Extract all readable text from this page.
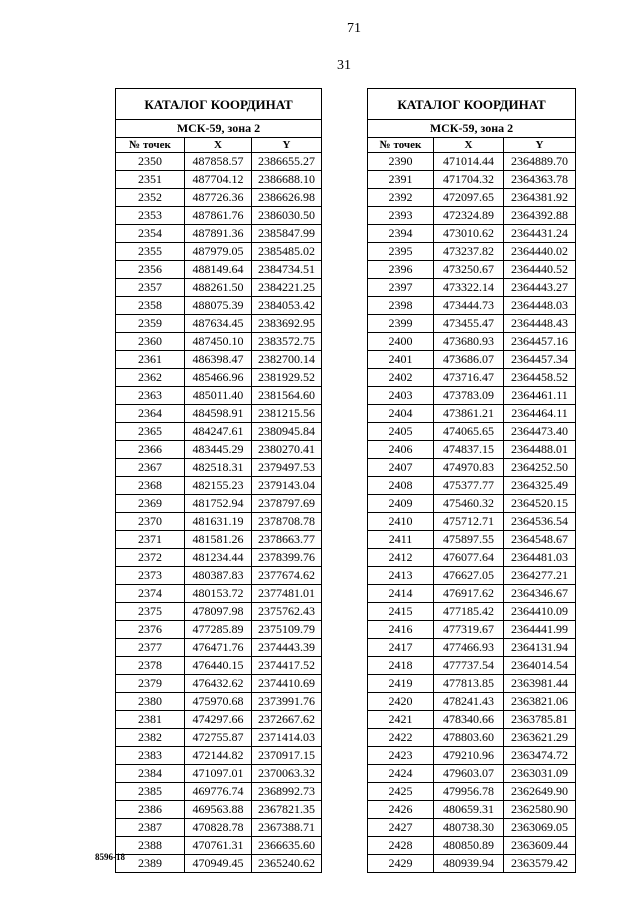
71
31
КАТАЛОГ КООРДИНАТ		
МСК-59, зона 2		
№ точек	X	Y
2350	487858.57	2386655.27
2351	487704.12	2386688.10
2352	487726.36	2386626.98
2353	487861.76	2386030.50
2354	487891.36	2385847.99
2355	487979.05	2385485.02
2356	488149.64	2384734.51
2357	488261.50	2384221.25
2358	488075.39	2384053.42
2359	487634.45	2383692.95
2360	487450.10	2383572.75
2361	486398.47	2382700.14
2362	485466.96	2381929.52
2363	485011.40	2381564.60
2364	484598.91	2381215.56
2365	484247.61	2380945.84
2366	483445.29	2380270.41
2367	482518.31	2379497.53
2368	482155.23	2379143.04
2369	481752.94	2378797.69
2370	481631.19	2378708.78
2371	481581.26	2378663.77
2372	481234.44	2378399.76
2373	480387.83	2377674.62
2374	480153.72	2377481.01
2375	478097.98	2375762.43
2376	477285.89	2375109.79
2377	476471.76	2374443.39
2378	476440.15	2374417.52
2379	476432.62	2374410.69
2380	475970.68	2373991.76
2381	474297.66	2372667.62
2382	472755.87	2371414.03
2383	472144.82	2370917.15
2384	471097.01	2370063.32
2385	469776.74	2368992.73
2386	469563.88	2367821.35
2387	470828.78	2367388.71
2388	470761.31	2366635.60
2389	470949.45	2365240.62
КАТАЛОГ КООРДИНАТ		
МСК-59, зона 2		
№ точек	X	Y
2390	471014.44	2364889.70
2391	471704.32	2364363.78
2392	472097.65	2364381.92
2393	472324.89	2364392.88
2394	473010.62	2364431.24
2395	473237.82	2364440.02
2396	473250.67	2364440.52
2397	473322.14	2364443.27
2398	473444.73	2364448.03
2399	473455.47	2364448.43
2400	473680.93	2364457.16
2401	473686.07	2364457.34
2402	473716.47	2364458.52
2403	473783.09	2364461.11
2404	473861.21	2364464.11
2405	474065.65	2364473.40
2406	474837.15	2364488.01
2407	474970.83	2364252.50
2408	475377.77	2364325.49
2409	475460.32	2364520.15
2410	475712.71	2364536.54
2411	475897.55	2364548.67
2412	476077.64	2364481.03
2413	476627.05	2364277.21
2414	476917.62	2364346.67
2415	477185.42	2364410.09
2416	477319.67	2364441.99
2417	477466.93	2364131.94
2418	477737.54	2364014.54
2419	477813.85	2363981.44
2420	478241.43	2363821.06
2421	478340.66	2363785.81
2422	478803.60	2363621.29
2423	479210.96	2363474.72
2424	479603.07	2363031.09
2425	479956.78	2362649.90
2426	480659.31	2362580.90
2427	480738.30	2363069.05
2428	480850.89	2363609.44
2429	480939.94	2363579.42
8596-18
